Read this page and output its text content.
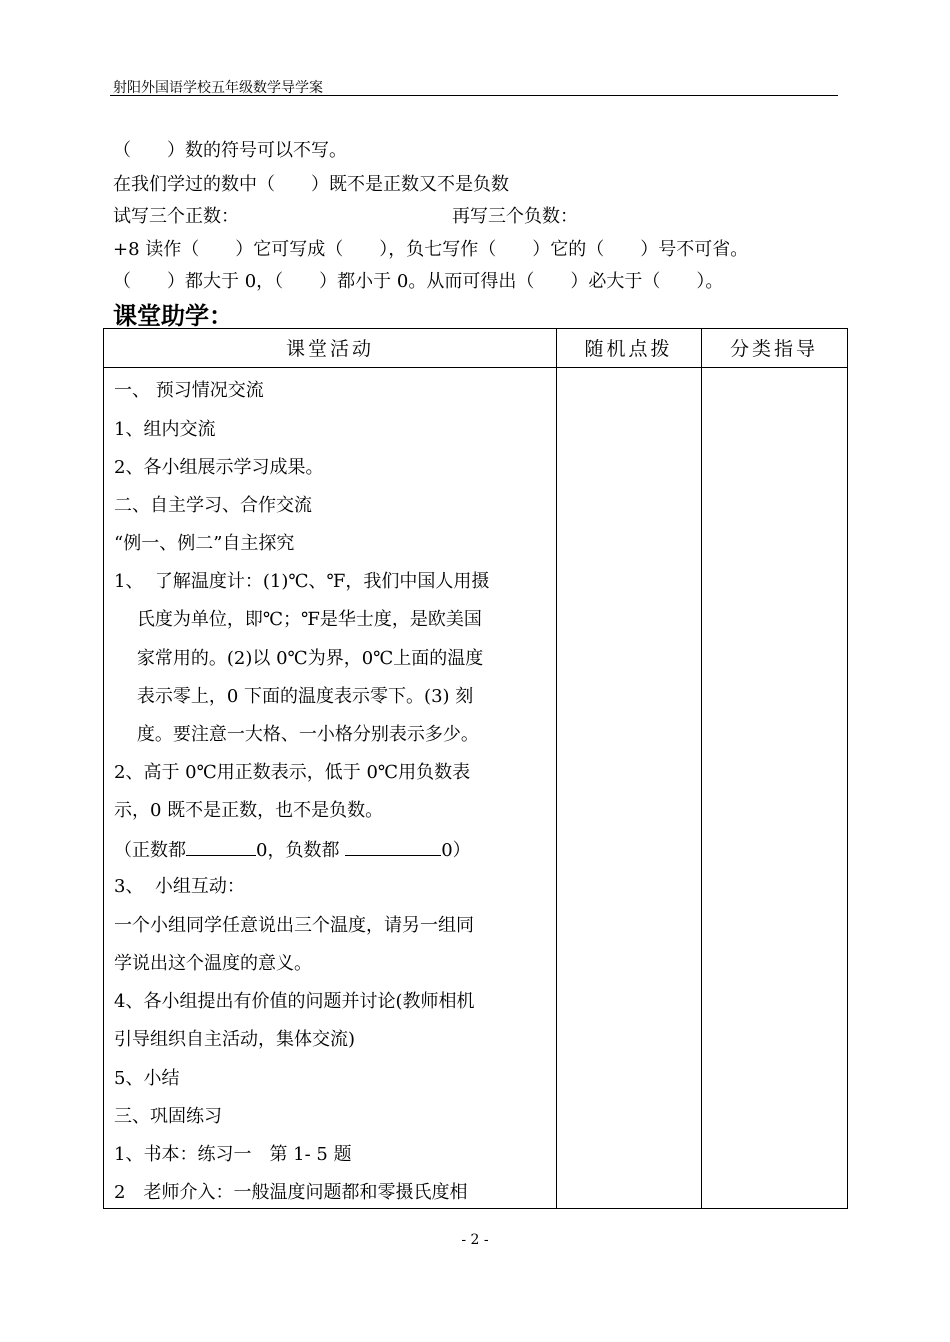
射阳外国语学校五年级数学导学案
（　　）数的符号可以不写。
在我们学过的数中（　　）既不是正数又不是负数
试写三个正数：	再写三个负数：
+8 读作（　　）它可写成（　　），负七写作（　　）它的（　　）号不可省。
（　　）都大于 0，（　　）都小于 0。从而可得出（　　）必大于（　　）。
课堂助学：
课堂活动	随机点拨	分类指导
一、 预习情况交流
1、组内交流
2、各小组展示学习成果。
二、自主学习、合作交流
“例一、例二”自主探究
1、  了解温度计：(1)℃、℉，我们中国人用摄
氏度为单位，即℃；℉是华士度，是欧美国
家常用的。(2)以 0℃为界，0℃上面的温度
表示零上，0 下面的温度表示零下。(3) 刻
度。要注意一大格、一小格分别表示多少。
2、高于 0℃用正数表示，低于 0℃用负数表
示，0 既不是正数，也不是负数。
（正数都	0，负数都	0）
3、  小组互动：
一个小组同学任意说出三个温度，请另一组同
学说出这个温度的意义。
4、各小组提出有价值的问题并讨论(教师相机
引导组织自主活动，集体交流)
5、小结
三、巩固练习
1、书本：练习一　第 1- 5 题
2　老师介入：一般温度问题都和零摄氏度相
- 2 -
